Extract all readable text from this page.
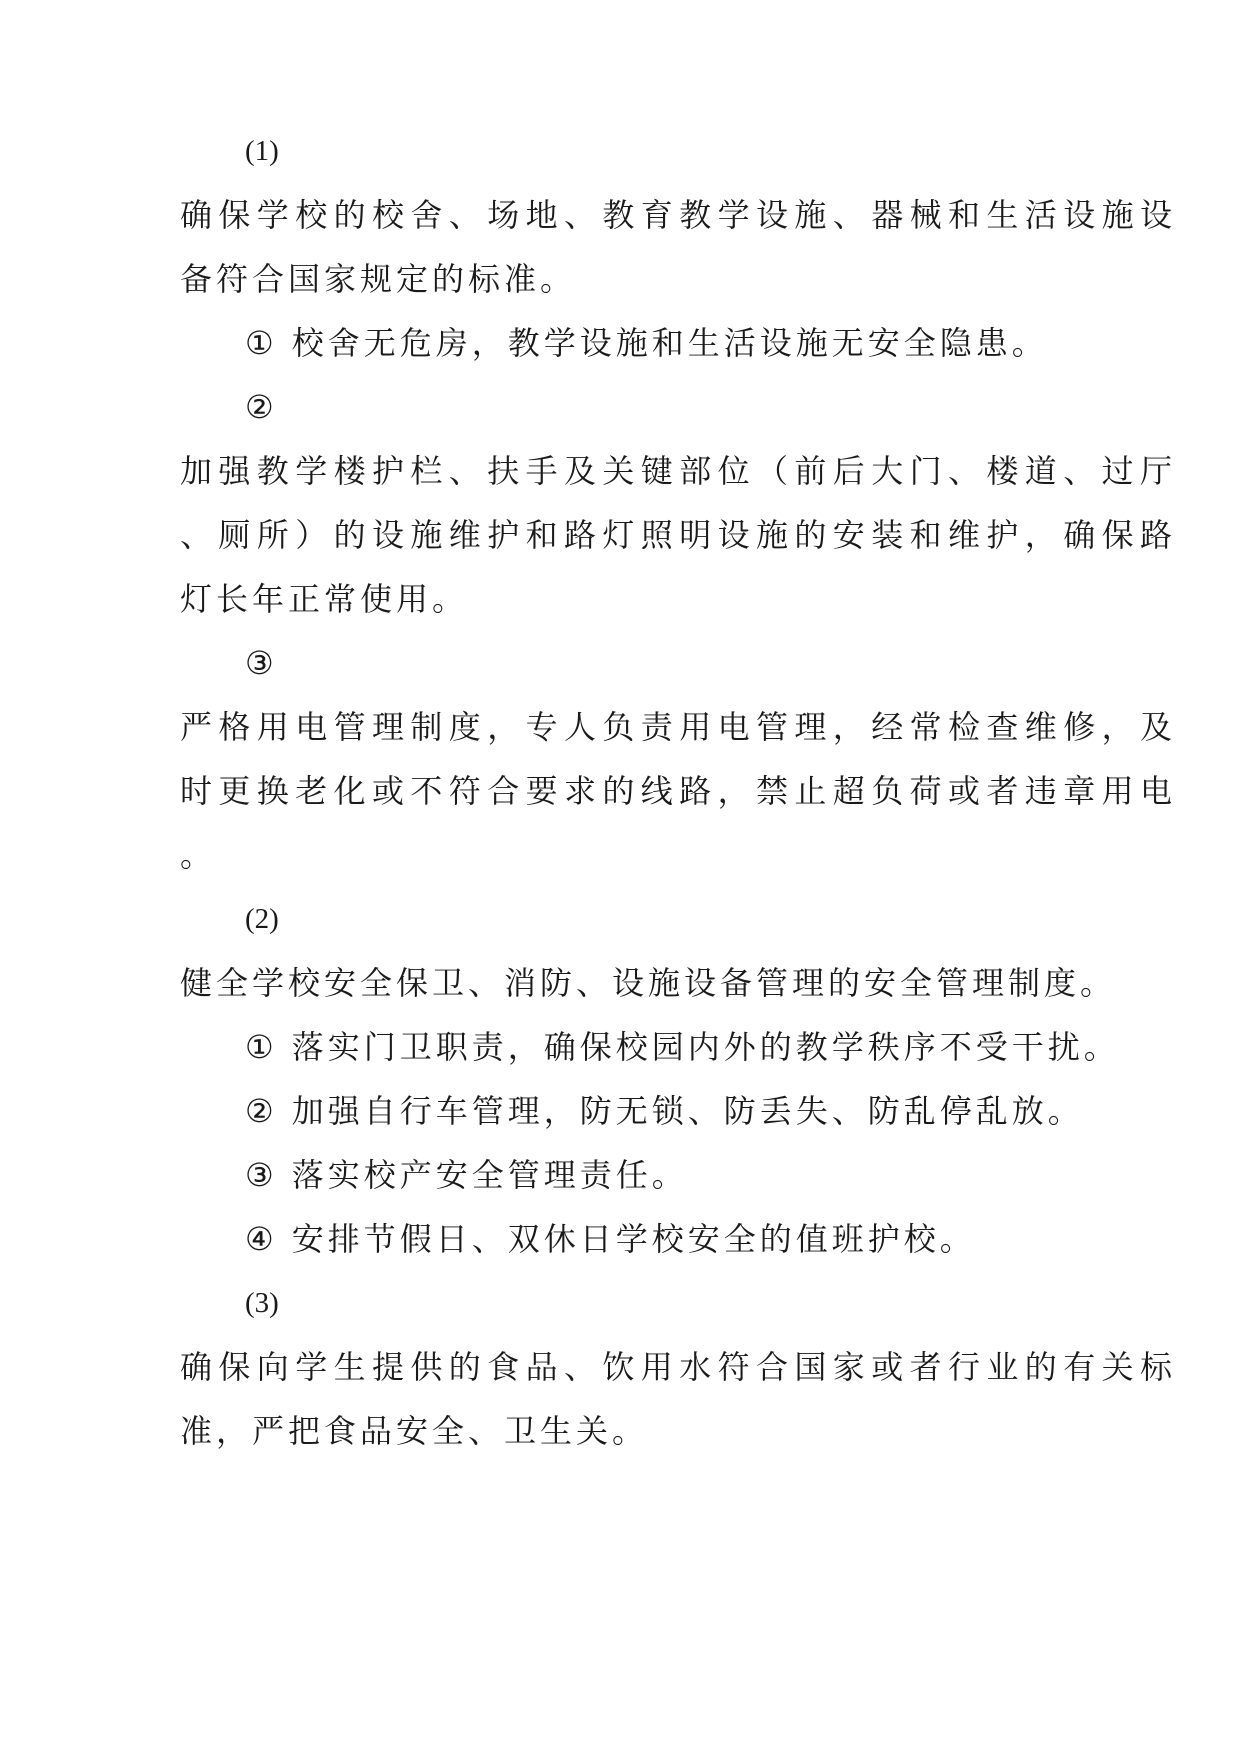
(1)
确保学校的校舍、场地、教育教学设施、器械和生活设施设
备符合国家规定的标准。
① 校舍无危房，教学设施和生活设施无安全隐患。
②
加强教学楼护栏、扶手及关键部位（前后大门、楼道、过厅
、厕所）的设施维护和路灯照明设施的安装和维护，确保路
灯长年正常使用。
③
严格用电管理制度，专人负责用电管理，经常检查维修，及
时更换老化或不符合要求的线路，禁止超负荷或者违章用电
。
(2)
健全学校安全保卫、消防、设施设备管理的安全管理制度。
① 落实门卫职责，确保校园内外的教学秩序不受干扰。
② 加强自行车管理，防无锁、防丢失、防乱停乱放。
③ 落实校产安全管理责任。
④ 安排节假日、双休日学校安全的值班护校。
(3)
确保向学生提供的食品、饮用水符合国家或者行业的有关标
准，严把食品安全、卫生关。
